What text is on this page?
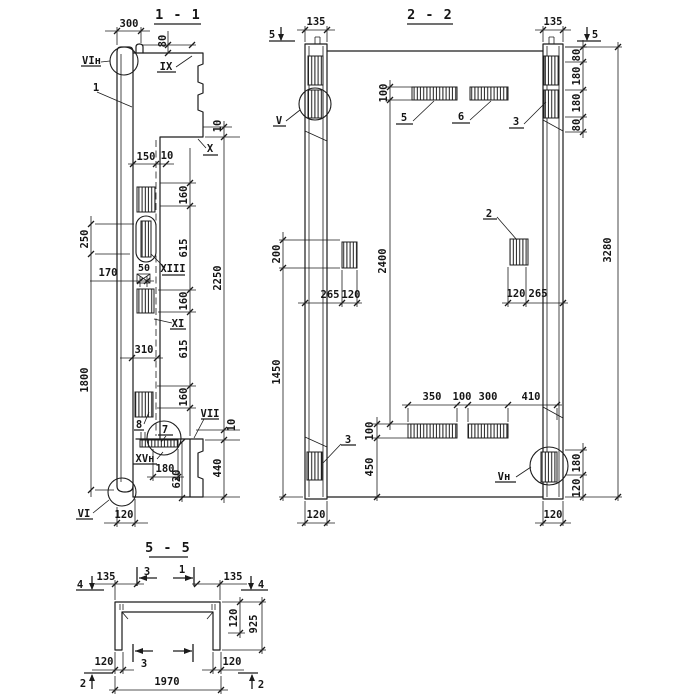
1 - 1
300
80
10
150 10
160
615
160
615
160
2250
10
440
250
1800
170 50
310
180
620
120
VIн
1
IX
X
XIII
XI
8 7
VII
XVн
VI
2 - 2
5	5
135	135
100
2400
200
1450
80
180
180
80
3280
265 120	120 265
350 100 300 410
100
450	180
120
120	120
V
Vн
2
3
3
5	6
5 - 5
3	1
3
4	4
2	2
135	135
120 925
120	120
1970
